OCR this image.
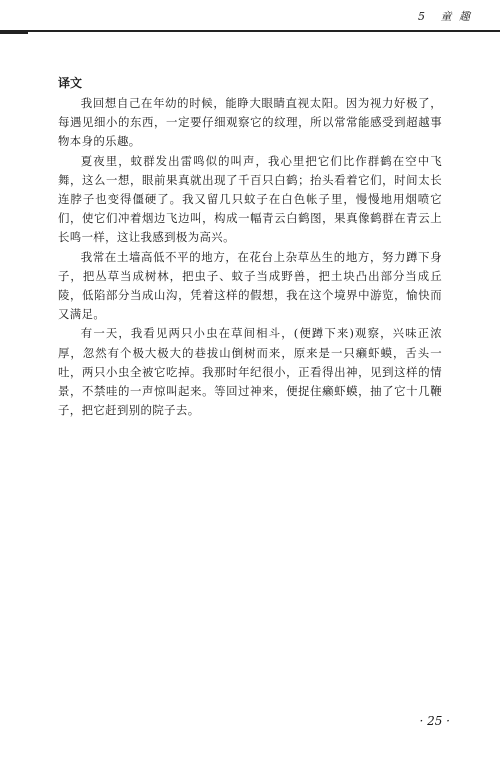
5 童 趣
译文

我回想自己在年幼的时候，能睁大眼睛直视太阳。因为视力好极了，每遇见细小的东西，一定要仔细观察它的纹理，所以常常能感受到超越事物本身的乐趣。

夏夜里，蚊群发出雷鸣似的叫声，我心里把它们比作群鹤在空中飞舞，这么一想，眼前果真就出现了千百只白鹤；抬头看着它们，时间太长连脖子也变得僵硬了。我又留几只蚊子在白色帐子里，慢慢地用烟喷它们，使它们冲着烟边飞边叫，构成一幅青云白鹤图，果真像鹤群在青云上长鸣一样，这让我感到极为高兴。

我常在土墙高低不平的地方，在花台上杂草丛生的地方，努力蹲下身子，把丛草当成树林，把虫子、蚊子当成野兽，把土块凸出部分当成丘陵，低陷部分当成山沟，凭着这样的假想，我在这个境界中游览，愉快而又满足。

有一天，我看见两只小虫在草间相斗，(便蹲下来)观察，兴味正浓厚，忽然有个极大极大的巷拔山倒树而来，原来是一只癞虾蟆，舌头一吐，两只小虫全被它吃掉。我那时年纪很小，正看得出神，见到这样的情景，不禁哇的一声惊叫起来。等回过神来，便捉住癞虾蟆，抽了它十几鞭子，把它赶到别的院子去。

· 25 ·
